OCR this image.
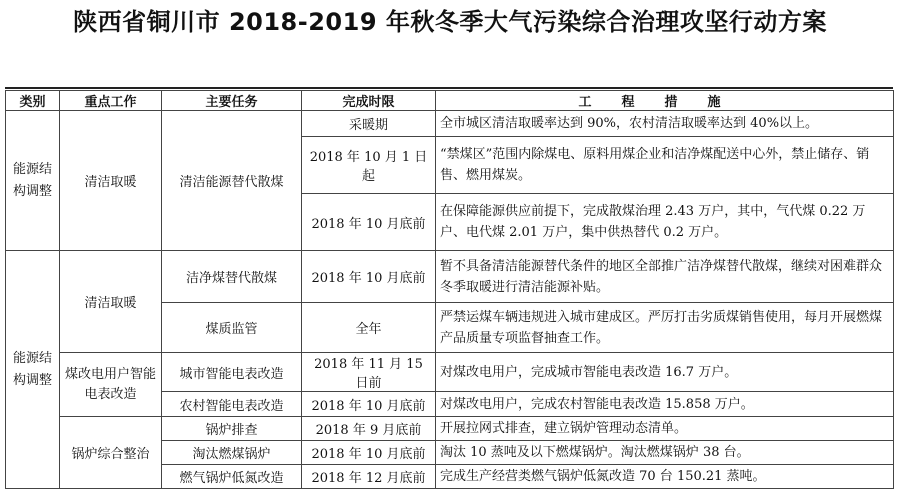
陕西省铜川市 2018-2019 年秋冬季大气污染综合治理攻坚行动方案
类别	重点工作	主要任务	完成时限	工程措施
能源结构调整	清洁取暖	清洁能源替代散煤	采暖期	全市城区清洁取暖率达到 90%，农村清洁取暖率达到 40%以上。
			2018 年 10 月 1 日起	“禁煤区”范围内除煤电、原料用煤企业和洁净煤配送中心外，禁止储存、销售、燃用煤炭。
			2018 年 10 月底前	在保障能源供应前提下，完成散煤治理 2.43 万户，其中，气代煤 0.22 万户、电代煤 2.01 万户，集中供热替代 0.2 万户。
能源结构调整	清洁取暖	洁净煤替代散煤	2018 年 10 月底前	暂不具备清洁能源替代条件的地区全部推广洁净煤替代散煤，继续对困难群众冬季取暖进行清洁能源补贴。
		煤质监管	全年	严禁运煤车辆违规进入城市建成区。严厉打击劣质煤销售使用，每月开展燃煤产品质量专项监督抽查工作。
	煤改电用户智能电表改造	城市智能电表改造	2018 年 11 月 15 日前	对煤改电用户，完成城市智能电表改造 16.7 万户。
		农村智能电表改造	2018 年 10 月底前	对煤改电用户，完成农村智能电表改造 15.858 万户。
	锅炉综合整治	锅炉排查	2018 年 9 月底前	开展拉网式排查，建立锅炉管理动态清单。
		淘汰燃煤锅炉	2018 年 10 月底前	淘汰 10 蒸吨及以下燃煤锅炉。淘汰燃煤锅炉 38 台。
		燃气锅炉低氮改造	2018 年 12 月底前	完成生产经营类燃气锅炉低氮改造 70 台 150.21 蒸吨。
